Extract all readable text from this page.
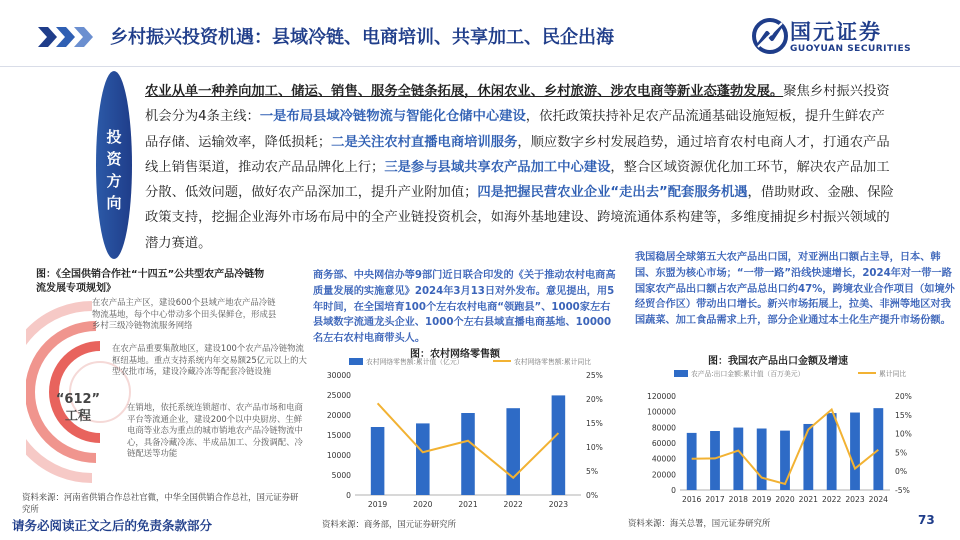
乡村振兴投资机遇：县域冷链、电商培训、共享加工、民企出海	国元证券
GUOYUAN SECURITIES
投
资
方
向
农业从单一种养向加工、储运、销售、服务全链条拓展，休闲农业、乡村旅游、涉农电商等新业态蓬勃发展。聚焦乡村振兴投资机会分为4条主线：一是布局县域冷链物流与智能化仓储中心建设，依托政策扶持补足农产品流通基础设施短板，提升生鲜农产品存储、运输效率，降低损耗；二是关注农村直播电商培训服务，顺应数字乡村发展趋势，通过培育农村电商人才，打通农产品线上销售渠道，推动农产品品牌化上行；三是参与县域共享农产品加工中心建设，整合区域资源优化加工环节，解决农产品加工分散、低效问题，做好农产品深加工，提升产业附加值；四是把握民营农业企业“走出去”配套服务机遇，借助财政、金融、保险政策支持，挖掘企业海外市场布局中的全产业链投资机会，如海外基地建设、跨境流通体系构建等，多维度捕捉乡村振兴领域的潜力赛道。
图：《全国供销合作社“十四五”公共型农产品冷链物流发展专项规划》
“612”
工程
在农产品主产区，建设600个县域产地农产品冷链物流基地，每个中心带动多个田头保鲜仓，形成县乡村三级冷链物流服务网络
在农产品重要集散地区，建设100个农产品冷链物流枢纽基地。重点支持系统内年交易额25亿元以上的大型农批市场，建设冷藏冷冻等配套冷链设施
在销地，依托系统连锁超市、农产品市场和电商平台等流通企业，建设200个以中央厨房、生鲜电商等业态为重点的城市销地农产品冷链物流中心，具备冷藏冷冻、半成品加工、分拨调配、冷链配送等功能
资料来源：河南省供销合作总社官微，中华全国供销合作总社，国元证券研究所
请务必阅读正文之后的免责条款部分
商务部、中央网信办等9部门近日联合印发的《关于推动农村电商高质量发展的实施意见》2024年3月13日对外发布。意见提出，用5年时间，在全国培育100个左右农村电商“领跑县”、1000家左右县域数字流通龙头企业、1000个左右县域直播电商基地、10000名左右农村电商带头人。
图：农村网络零售额
农村网络零售额:累计值（亿元）	农村网络零售额:累计同比
0
5000
10000
15000
20000
25000
30000
0%
5%
10%
15%
20%
25%
2019	2020	2021	2022	2023
资料来源：商务部，国元证券研究所
我国稳居全球第五大农产品出口国，对亚洲出口额占主导，日本、韩国、东盟为核心市场；“一带一路”沿线快速增长，2024年对一带一路国家农产品出口额占农产品总出口约47%，跨境农业合作项目（如境外经贸合作区）带动出口增长。新兴市场拓展上，拉美、非洲等地区对我国蔬菜、加工食品需求上升，部分企业通过本土化生产提升市场份额。
图：我国农产品出口金额及增速
农产品:出口金额:累计值（百万美元）	累计同比
0
20000
40000
60000
80000
100000
120000
-5%
0%
5%
10%
15%
20%
2016 2017 2018 2019 2020 2021 2022 2023 2024
资料来源：海关总署，国元证券研究所	73
